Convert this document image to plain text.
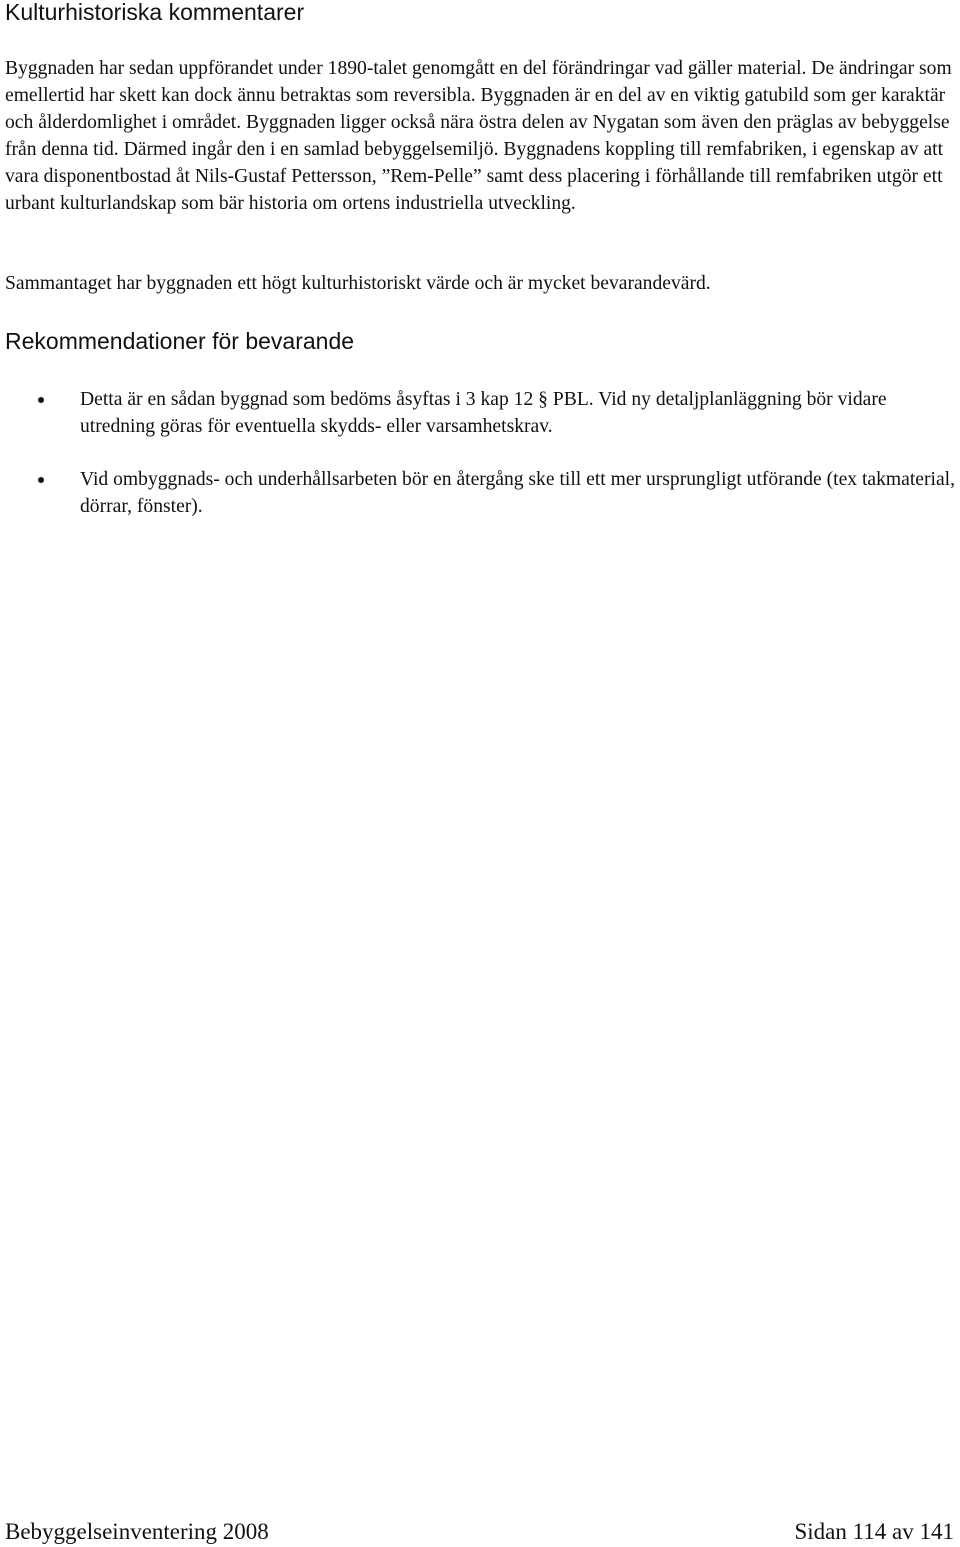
Kulturhistoriska kommentarer

Byggnaden har sedan uppförandet under 1890-talet genomgått en del förändringar vad gäller material. De ändringar som emellertid har skett kan dock ännu betraktas som reversibla. Byggnaden är en del av en viktig gatubild som ger karaktär och ålderdomlighet i området. Byggnaden ligger också nära östra delen av Nygatan som även den präglas av bebyggelse från denna tid. Därmed ingår den i en samlad bebyggelsemiljö. Byggnadens koppling till remfabriken, i egenskap av att vara disponentbostad åt Nils-Gustaf Pettersson, ”Rem-Pelle” samt dess placering i förhållande till remfabriken utgör ett urbant kulturlandskap som bär historia om ortens industriella utveckling.

Sammantaget har byggnaden ett högt kulturhistoriskt värde och är mycket bevarandevärd.

Rekommendationer för bevarande
Detta är en sådan byggnad som bedöms åsyftas i 3 kap 12 § PBL. Vid ny detaljplanläggning bör vidare utredning göras för eventuella skydds- eller varsamhetskrav.
Vid ombyggnads- och underhållsarbeten bör en återgång ske till ett mer ursprungligt utförande (tex takmaterial, dörrar, fönster).
Bebyggelseinventering 2008	Sidan 114 av 141
